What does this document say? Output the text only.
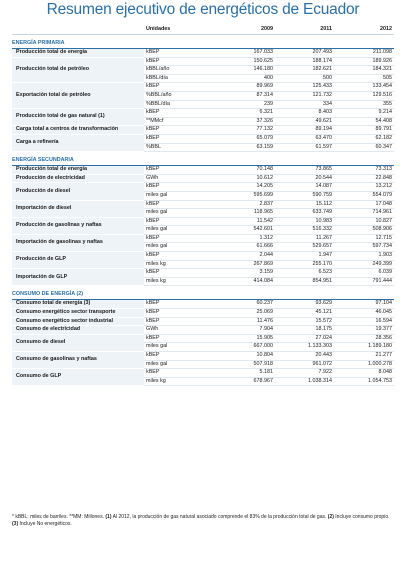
Resumen ejecutivo de energéticos de Ecuador
	Unidades	2009	2011	2012
ENERGÍA PRIMARIA				
Producción total de energía	kBEP	167.033	207.493	211.098
Producción total de petróleo	kBEP	150.625	188.174	189.926
	kBBL/año	146.180	182.621	184.321
	kBBL/día	400	500	505
Exportación total de petróleo	kBEP	89.969	125.433	133.454
	%BBL/año	87.314	121.732	129.516
	%BBL/día	239	334	355
Producción total de gas natural (1)	kBEP	6.321	8.403	9.214
	**MMcf	37.326	49.621	54.408
Carga total a centros de transformación	kBEP	77.132	89.194	89.791
Carga a refinería	kBEP	65.079	63.470	62.182
	%BBL	63.159	61.597	60.347
ENERGÍA SECUNDARIA				
Producción total de energía	kBEP	70.148	73.865	73.313
Producción de electricidad	GWh	10.612	20.544	22.848
Producción de diesel	kBEP	14.205	14.087	13.212
	miles gal	595.699	590.759	554.079
Importación de diesel	kBEP	2.837	15.112	17.048
	miles gal	118.965	633.749	714.961
Producción de gasolinas y naftas	kBEP	11.542	10.983	10.827
	miles gal	542.601	516.332	508.906
Importación de gasolinas y naftas	kBEP	1.312	11.267	12.715
	miles gal	61.666	529.657	597.734
Producción de GLP	kBEP	2.044	1.947	1.903
	miles kg	267.869	255.170	249.399
Importación de GLP	kBEP	3.159	6.523	6.039
	miles kg	414.084	854.951	791.444
CONSUMO DE ENERGÍA (2)				
Consumo total de energía (3)	kBEP	60.237	93.629	97.104
Consumo energético sector transporte	kBEP	25.069	45.121	46.045
Consumo energético sector industrial	kBEP	11.476	15.572	16.594
Consumo de electricidad	GWh	7.904	18.175	19.377
Consumo de diesel	kBEP	15.905	27.024	28.356
	miles gal	667.000	1.133.303	1.189.180
Consumo de gasolinas y naftas	kBEP	10.804	20.443	21.277
	miles gal	507.918	961.072	1.000.278
Consumo de GLP	kBEP	5.181	7.922	8.048
	miles kg	678.967	1.038.314	1.054.753
* kBBL: miles de barriles. **MM: Millones. (1) Al 2012, la producción de gas natural asociado comprende el 83% de la producción total de gas. (2) Incluye consumo propio. (3) Incluye No energéticos.
